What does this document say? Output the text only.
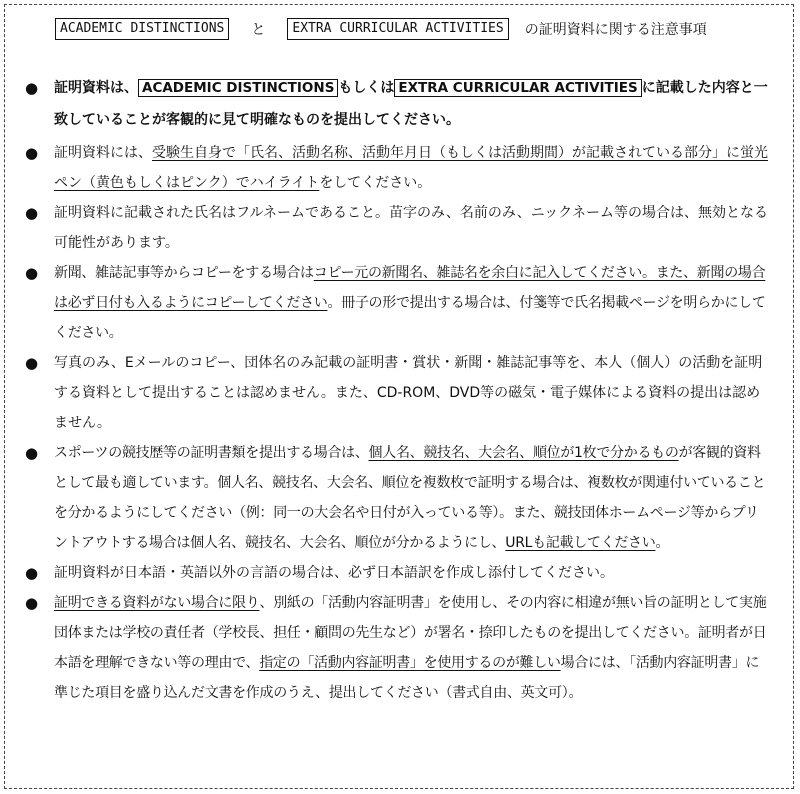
ACADEMIC DISTINCTIONS	と	EXTRA CURRICULAR ACTIVITIES	の証明資料に関する注意事項
● 証明資料は、 ACADEMIC DISTINCTIONS もしくは EXTRA CURRICULAR ACTIVITIES に記載した内容と一致していることが客観的に見て明確なものを提出してください。
● 証明資料には、受験生自身で「氏名、活動名称、活動年月日（もしくは活動期間）が記載されている部分」に蛍光ペン（黄色もしくはピンク）でハイライトをしてください。
● 証明資料に記載された氏名はフルネームであること。苗字のみ、名前のみ、ニックネーム等の場合は、無効となる可能性があります。
● 新聞、雑誌記事等からコピーをする場合はコピー元の新聞名、雑誌名を余白に記入してください。また、新聞の場合は必ず日付も入るようにコピーしてください。冊子の形で提出する場合は、付箋等で氏名掲載ページを明らかにしてください。
● 写真のみ、Eメールのコピー、団体名のみ記載の証明書・賞状・新聞・雑誌記事等を、本人（個人）の活動を証明する資料として提出することは認めません。また、CD-ROM、DVD等の磁気・電子媒体による資料の提出は認めません。
● スポーツの競技歴等の証明書類を提出する場合は、個人名、競技名、大会名、順位が1枚で分かるものが客観的資料として最も適しています。個人名、競技名、大会名、順位を複数枚で証明する場合は、複数枚が関連付いていることを分かるようにしてください（例：同一の大会名や日付が入っている等）。また、競技団体ホームページ等からプリントアウトする場合は個人名、競技名、大会名、順位が分かるようにし、URLも記載してください。
● 証明資料が日本語・英語以外の言語の場合は、必ず日本語訳を作成し添付してください。
● 証明できる資料がない場合に限り、別紙の「活動内容証明書」を使用し、その内容に相違が無い旨の証明として実施団体または学校の責任者（学校長、担任・顧問の先生など）が署名・捺印したものを提出してください。証明者が日本語を理解できない等の理由で、指定の「活動内容証明書」を使用するのが難しい場合には、「活動内容証明書」に準じた項目を盛り込んだ文書を作成のうえ、提出してください（書式自由、英文可）。
